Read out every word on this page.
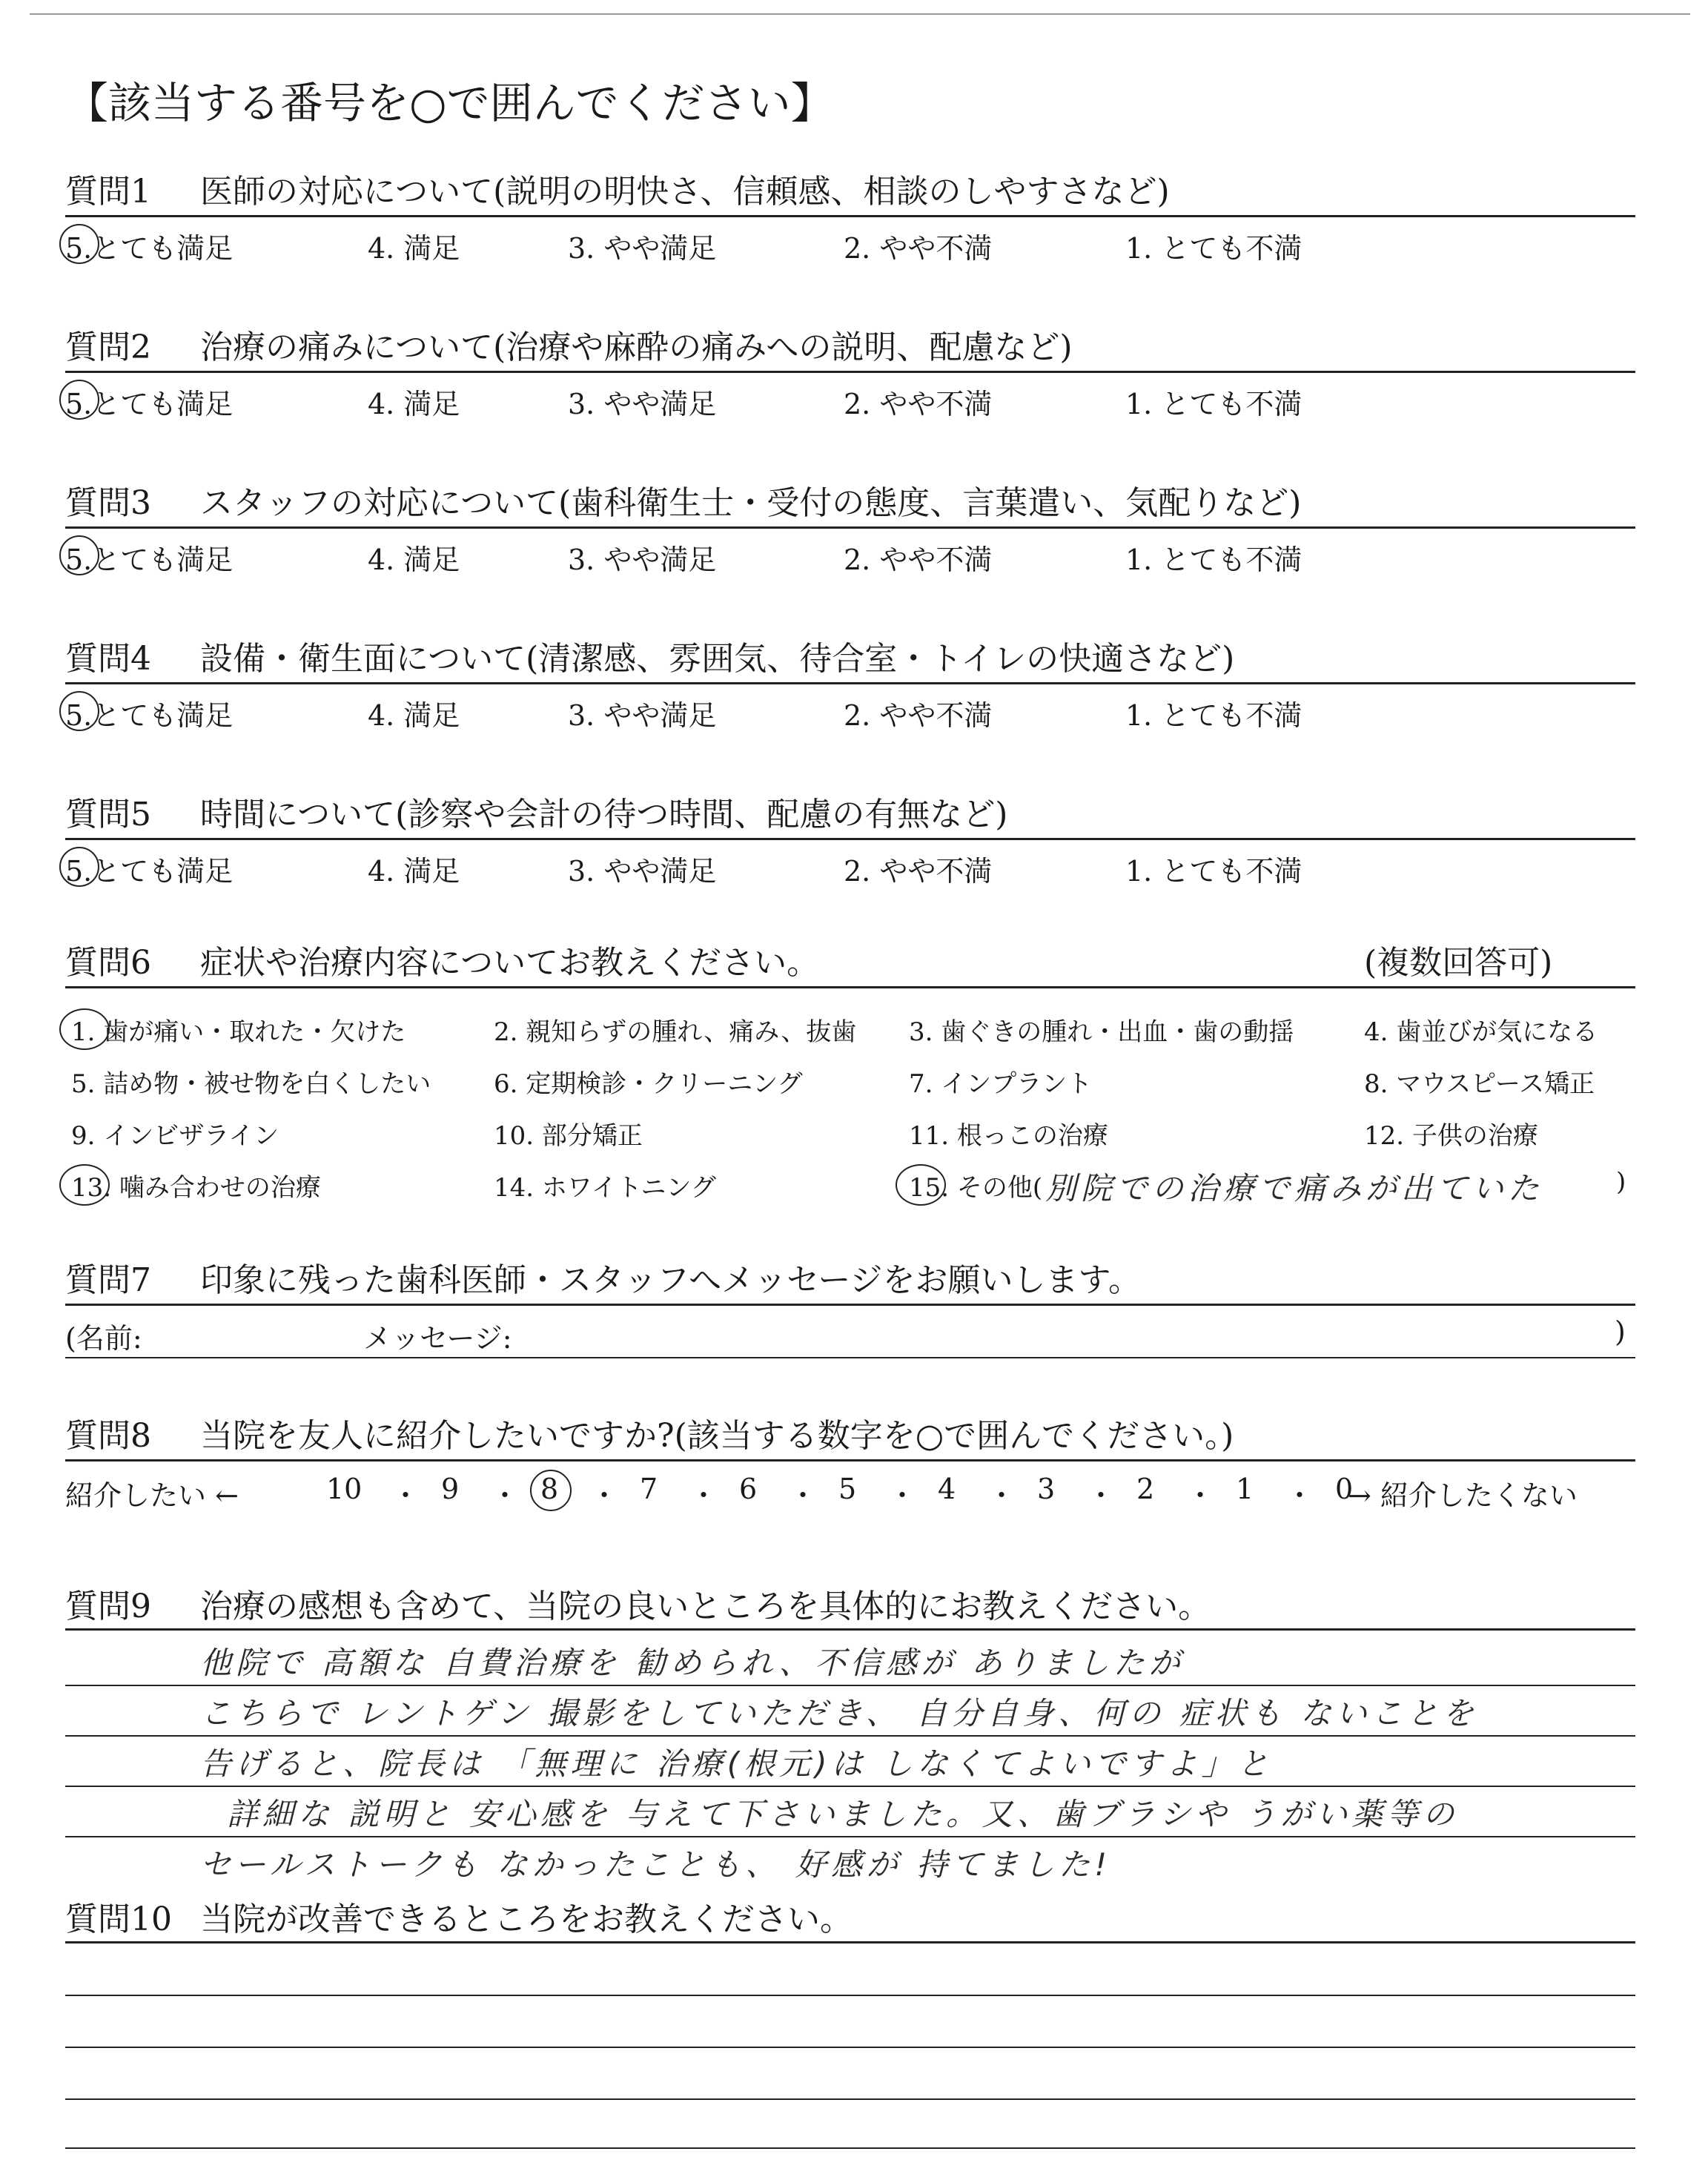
【該当する番号を○で囲んでください】
質問1 医師の対応について(説明の明快さ、信頼感、相談のしやすさなど)
5.とても満足	4. 満足	3. やや満足	2. やや不満	1. とても不満
質問2 治療の痛みについて(治療や麻酔の痛みへの説明、配慮など)
5.とても満足	4. 満足	3. やや満足	2. やや不満	1. とても不満
質問3 スタッフの対応について(歯科衛生士・受付の態度、言葉遣い、気配りなど)
5.とても満足	4. 満足	3. やや満足	2. やや不満	1. とても不満
質問4 設備・衛生面について(清潔感、雰囲気、待合室・トイレの快適さなど)
5.とても満足	4. 満足	3. やや満足	2. やや不満	1. とても不満
質問5 時間について(診察や会計の待つ時間、配慮の有無など)
5.とても満足	4. 満足	3. やや満足	2. やや不満	1. とても不満
質問6 症状や治療内容についてお教えください。	(複数回答可)
1. 歯が痛い・取れた・欠けた	2. 親知らずの腫れ、痛み、抜歯 3. 歯ぐきの腫れ・出血・歯の動揺	4. 歯並びが気になる
5. 詰め物・被せ物を白くしたい 6. 定期検診・クリーニング	7. インプラント	8. マウスピース矯正
9. インビザライン	10. 部分矯正	11. 根っこの治療	12. 子供の治療
13. 噛み合わせの治療	14. ホワイトニング	15. その他(	)
別院での治療で痛みが出ていた
質問7 印象に残った歯科医師・スタッフへメッセージをお願いします。
(名前:	メッセージ:	)
質問8 当院を友人に紹介したいですか?(該当する数字を○で囲んでください。)
紹介したい ←	10 ・ 9 ・ 8 ・ 7 ・ 6 ・ 5 ・ 4 ・ 3 ・ 2 ・ 1 ・ 0
→ 紹介したくない
質問9 治療の感想も含めて、当院の良いところを具体的にお教えください。
他院で 高額な 自費治療を 勧められ、不信感が ありましたが
こちらで レントゲン 撮影をしていただき、 自分自身、何の 症状も ないことを
告げると、院長は 「無理に 治療(根元)は しなくてよいですよ」と
詳細な 説明と 安心感を 与えて下さいました。又、歯ブラシや うがい薬等の
セールストークも なかったことも、 好感が 持てました!
質問10 当院が改善できるところをお教えください。
